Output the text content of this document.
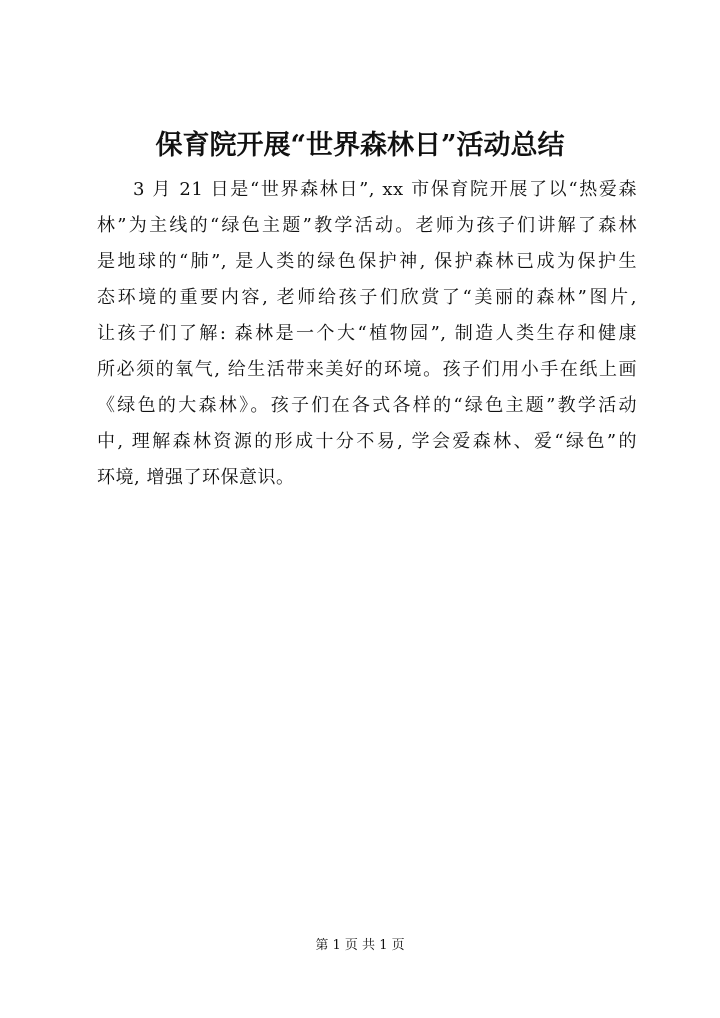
保育院开展“世界森林日”活动总结
3 月 21 日是“世界森林日”, xx 市保育院开展了以“热爱森
林”为主线的“绿色主题”教学活动。老师为孩子们讲解了森林
是地球的“肺”, 是人类的绿色保护神, 保护森林已成为保护生
态环境的重要内容, 老师给孩子们欣赏了“美丽的森林”图片,
让孩子们了解: 森林是一个大“植物园”, 制造人类生存和健康
所必须的氧气, 给生活带来美好的环境。孩子们用小手在纸上画
《绿色的大森林》。孩子们在各式各样的“绿色主题”教学活动
中, 理解森林资源的形成十分不易, 学会爱森林、爱“绿色”的
环境, 增强了环保意识。
第 1 页 共 1 页
